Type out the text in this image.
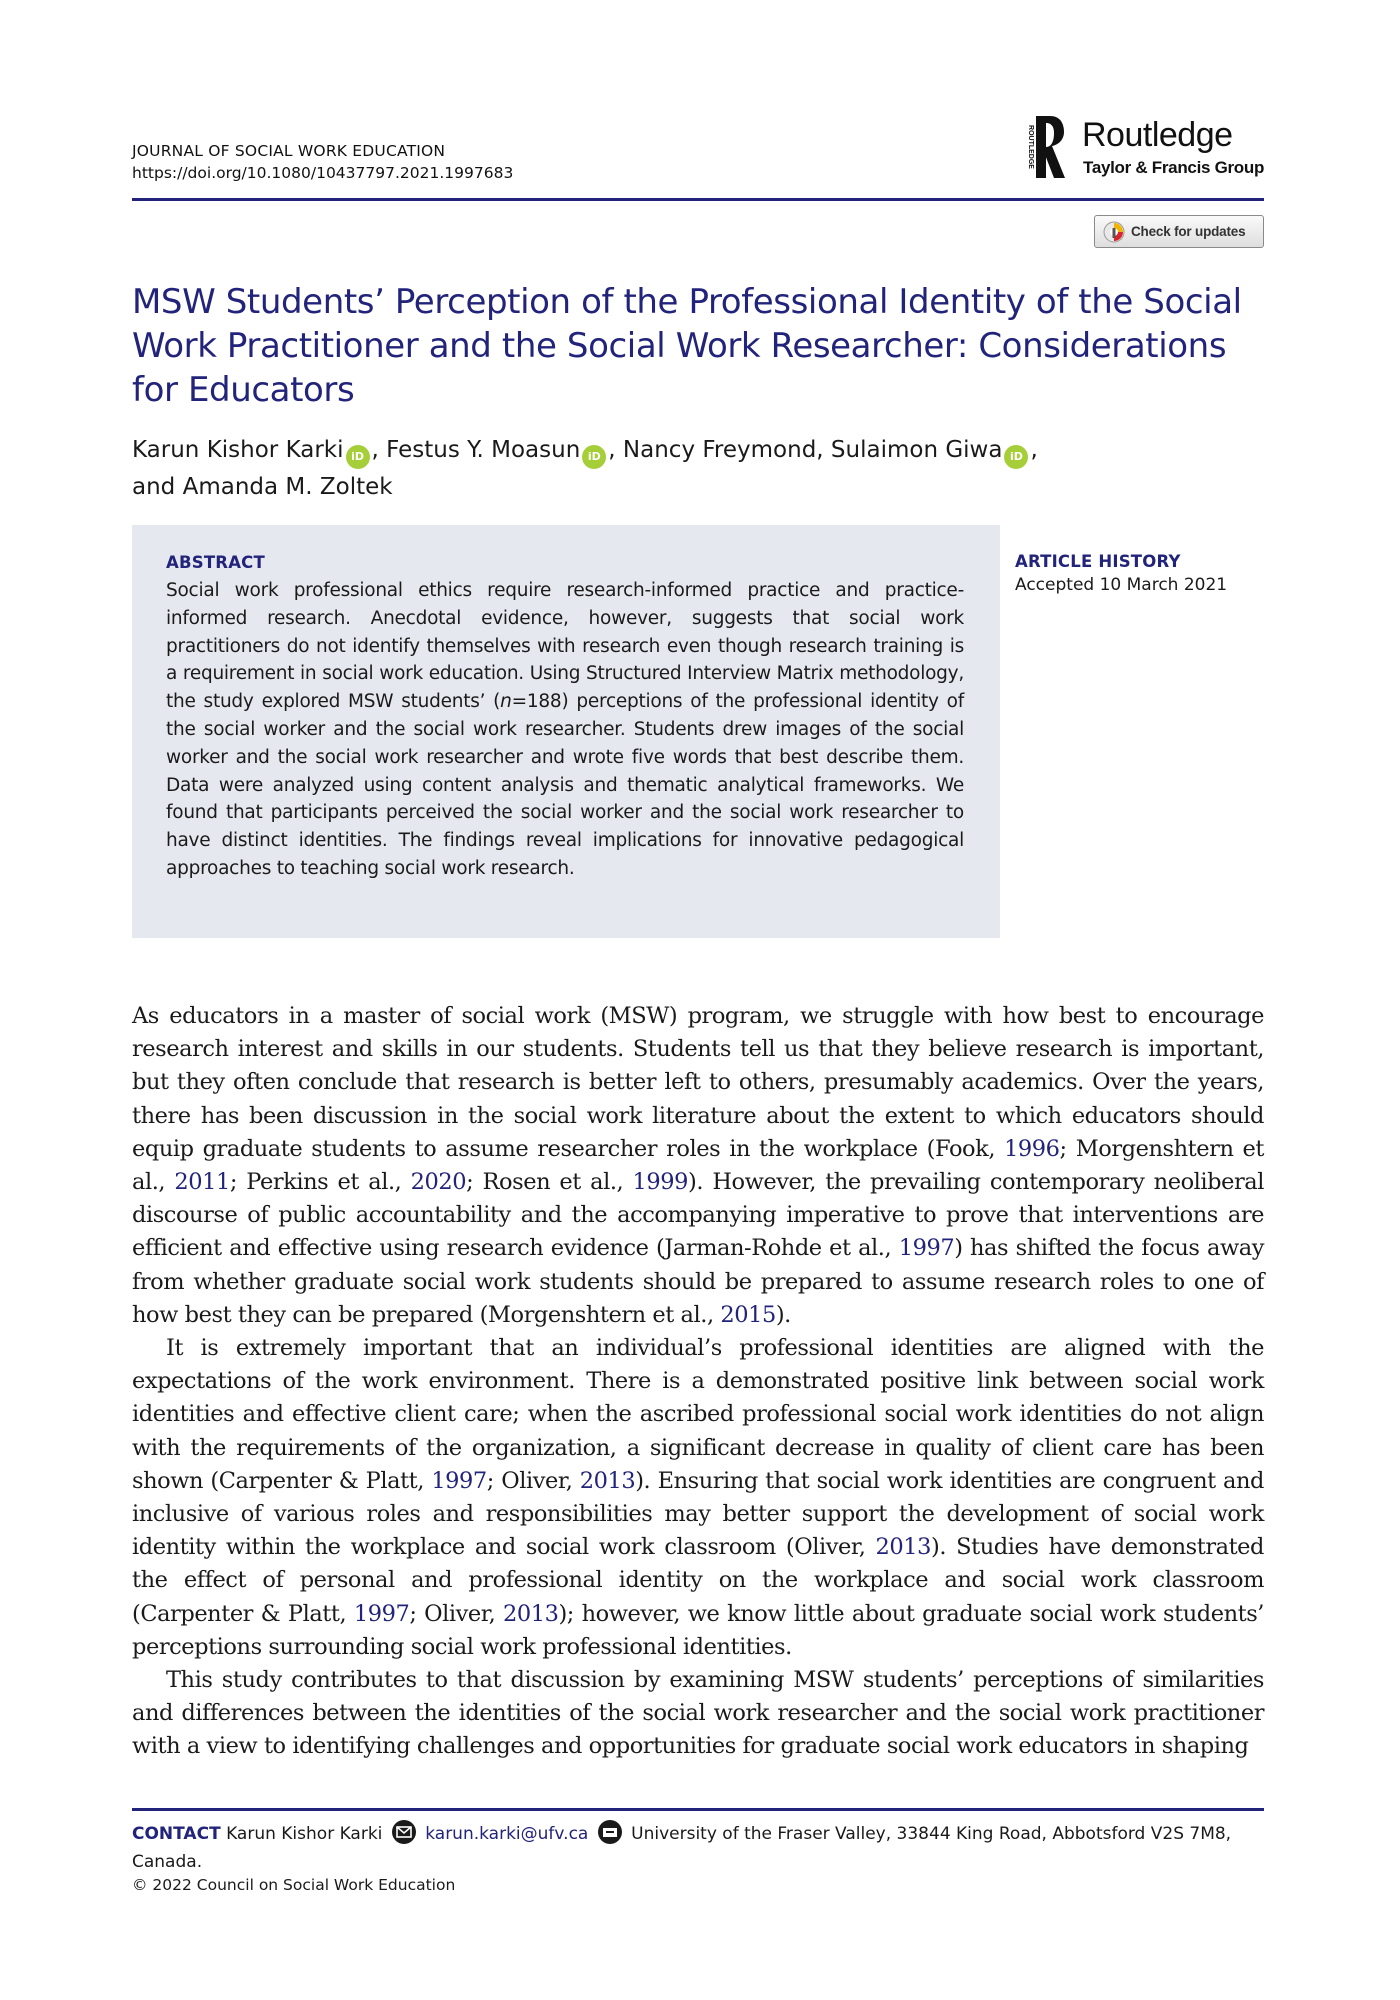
JOURNAL OF SOCIAL WORK EDUCATION
https://doi.org/10.1080/10437797.2021.1997683
ROUTLEDGE Routledge
Taylor & Francis Group
Check for updates
MSW Students’ Perception of the Professional Identity of the Social Work Practitioner and the Social Work Researcher: Considerations for Educators
Karun Kishor Karki iD , Festus Y. Moasun iD , Nancy Freymond, Sulaimon Giwa iD ,
and Amanda M. Zoltek
ABSTRACT
Social work professional ethics require research-informed practice and practice-informed research. Anecdotal evidence, however, suggests that social work practitioners do not identify themselves with research even though research training is a requirement in social work education. Using Structured Interview Matrix methodology, the study explored MSW students’ (n=188) perceptions of the professional identity of the social worker and the social work researcher. Students drew images of the social worker and the social work researcher and wrote five words that best describe them. Data were analyzed using content analysis and thematic analytical frameworks. We found that participants perceived the social worker and the social work researcher to have distinct identities. The findings reveal implications for innovative pedagogical approaches to teaching social work research.
ARTICLE HISTORY
Accepted 10 March 2021

As educators in a master of social work (MSW) program, we struggle with how best to encourage research interest and skills in our students. Students tell us that they believe research is important, but they often conclude that research is better left to others, presumably academics. Over the years, there has been discussion in the social work literature about the extent to which educators should equip graduate students to assume researcher roles in the workplace (Fook, 1996; Morgenshtern et al., 2011; Perkins et al., 2020; Rosen et al., 1999). However, the prevailing contemporary neoliberal discourse of public accountability and the accompanying imperative to prove that interventions are efficient and effective using research evidence (Jarman-Rohde et al., 1997) has shifted the focus away from whether graduate social work students should be prepared to assume research roles to one of how best they can be prepared (Morgenshtern et al., 2015).

It is extremely important that an individual’s professional identities are aligned with the expectations of the work environment. There is a demonstrated positive link between social work identities and effective client care; when the ascribed professional social work identities do not align with the requirements of the organization, a significant decrease in quality of client care has been shown (Carpenter & Platt, 1997; Oliver, 2013). Ensuring that social work identities are congruent and inclusive of various roles and responsibilities may better support the development of social work identity within the workplace and social work classroom (Oliver, 2013). Studies have demonstrated the effect of personal and professional identity on the workplace and social work classroom (Carpenter & Platt, 1997; Oliver, 2013); however, we know little about graduate social work students’ perceptions surrounding social work professional identities.

This study contributes to that discussion by examining MSW students’ perceptions of similarities and differences between the identities of the social work researcher and the social work practitioner with a view to identifying challenges and opportunities for graduate social work educators in shaping

CONTACT Karun Kishor Karki	karun.karki@ufv.ca	University of the Fraser Valley, 33844 King Road, Abbotsford V2S 7M8, Canada.
© 2022 Council on Social Work Education
